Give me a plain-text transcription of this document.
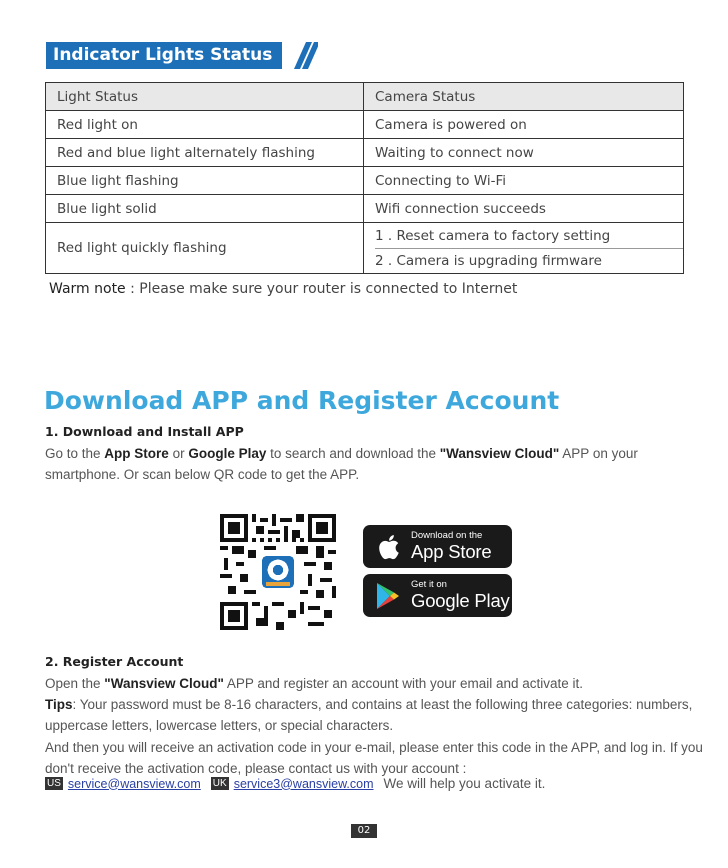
Indicator Lights Status
Light Status	Camera Status
Red light on	Camera is powered on
Red and blue light alternately flashing	Waiting to connect now
Blue light flashing	Connecting to Wi-Fi
Blue light solid	Wifi connection succeeds
Red light quickly flashing	1 . Reset camera to factory setting
2 . Camera is upgrading firmware
Warm note : Please make sure your router is connected to Internet
Download APP and Register Account
1. Download and Install APP
Go to the App Store or Google Play to search and download the "Wansview Cloud" APP on your smartphone. Or scan below QR code to get the APP.
Download on the
App Store
Get it on
Google Play
2. Register Account
Open the "Wansview Cloud" APP and register an account with your email and activate it.
Tips: Your password must be 8-16 characters, and contains at least the following three categories: numbers, uppercase letters, lowercase letters, or special characters.
And then you will receive an activation code in your e-mail, please enter this code in the APP, and log in. If you don't receive the activation code, please contact us with your account :
US service@wansview.com UK service3@wansview.com We will help you activate it.
02
